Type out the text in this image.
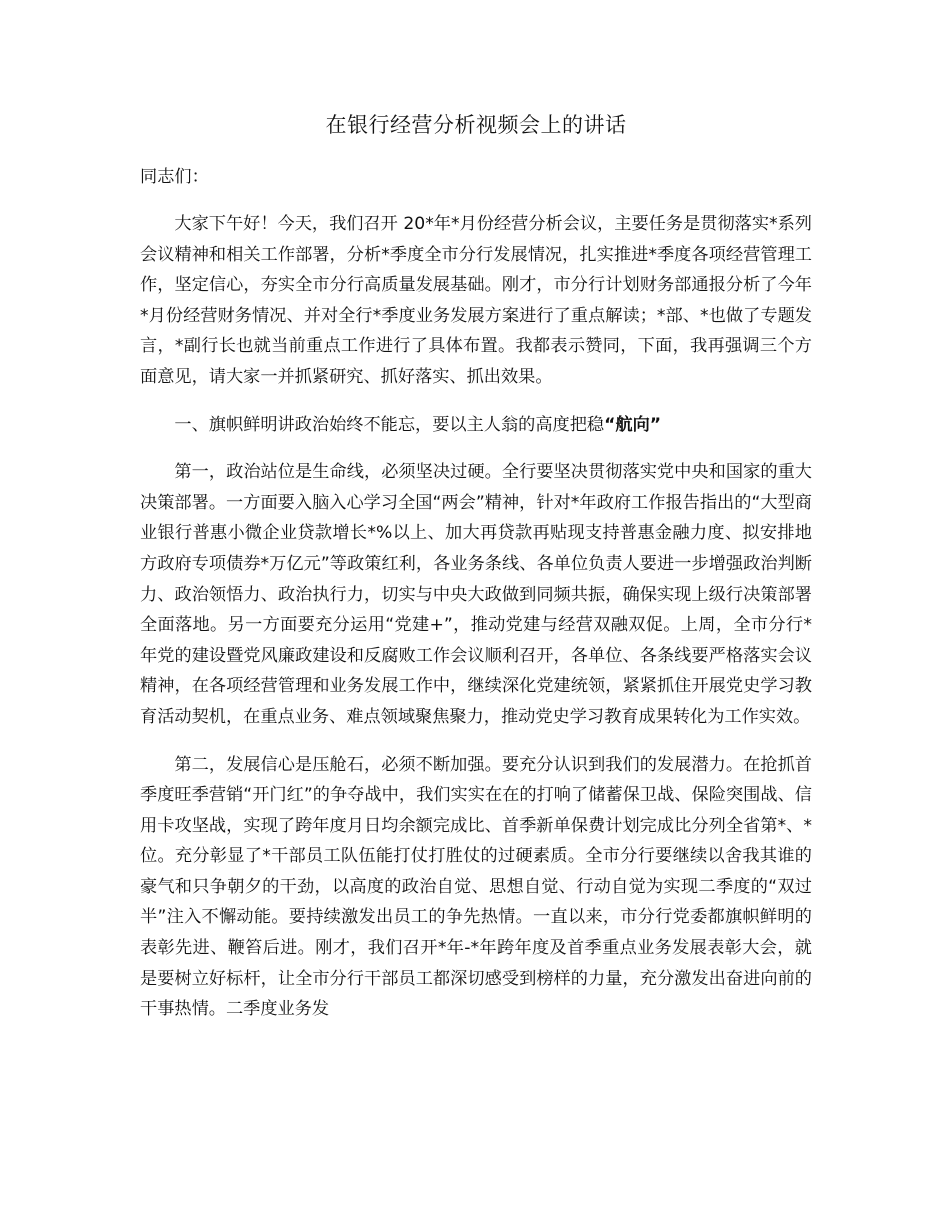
在银行经营分析视频会上的讲话

同志们：

大家下午好！今天，我们召开 20*年*月份经营分析会议，主要任务是贯彻落实*系列会议精神和相关工作部署，分析*季度全市分行发展情况，扎实推进*季度各项经营管理工作，坚定信心，夯实全市分行高质量发展基础。刚才，市分行计划财务部通报分析了今年*月份经营财务情况、并对全行*季度业务发展方案进行了重点解读；*部、*也做了专题发言，*副行长也就当前重点工作进行了具体布置。我都表示赞同，下面，我再强调三个方面意见，请大家一并抓紧研究、抓好落实、抓出效果。

一、旗帜鲜明讲政治始终不能忘，要以主人翁的高度把稳“航向”

第一，政治站位是生命线，必须坚决过硬。全行要坚决贯彻落实党中央和国家的重大决策部署。一方面要入脑入心学习全国“两会”精神，针对*年政府工作报告指出的“大型商业银行普惠小微企业贷款增长*%以上、加大再贷款再贴现支持普惠金融力度、拟安排地方政府专项债券*万亿元”等政策红利，各业务条线、各单位负责人要进一步增强政治判断力、政治领悟力、政治执行力，切实与中央大政做到同频共振，确保实现上级行决策部署全面落地。另一方面要充分运用“党建+”，推动党建与经营双融双促。上周，全市分行*年党的建设暨党风廉政建设和反腐败工作会议顺利召开，各单位、各条线要严格落实会议精神，在各项经营管理和业务发展工作中，继续深化党建统领，紧紧抓住开展党史学习教育活动契机，在重点业务、难点领域聚焦聚力，推动党史学习教育成果转化为工作实效。

第二，发展信心是压舱石，必须不断加强。要充分认识到我们的发展潜力。在抢抓首季度旺季营销“开门红”的争夺战中，我们实实在在的打响了储蓄保卫战、保险突围战、信用卡攻坚战，实现了跨年度月日均余额完成比、首季新单保费计划完成比分列全省第*、*位。充分彰显了*干部员工队伍能打仗打胜仗的过硬素质。全市分行要继续以舍我其谁的豪气和只争朝夕的干劲，以高度的政治自觉、思想自觉、行动自觉为实现二季度的“双过半”注入不懈动能。要持续激发出员工的争先热情。一直以来，市分行党委都旗帜鲜明的表彰先进、鞭笞后进。刚才，我们召开*年-*年跨年度及首季重点业务发展表彰大会，就是要树立好标杆，让全市分行干部员工都深切感受到榜样的力量，充分激发出奋进向前的干事热情。二季度业务发
